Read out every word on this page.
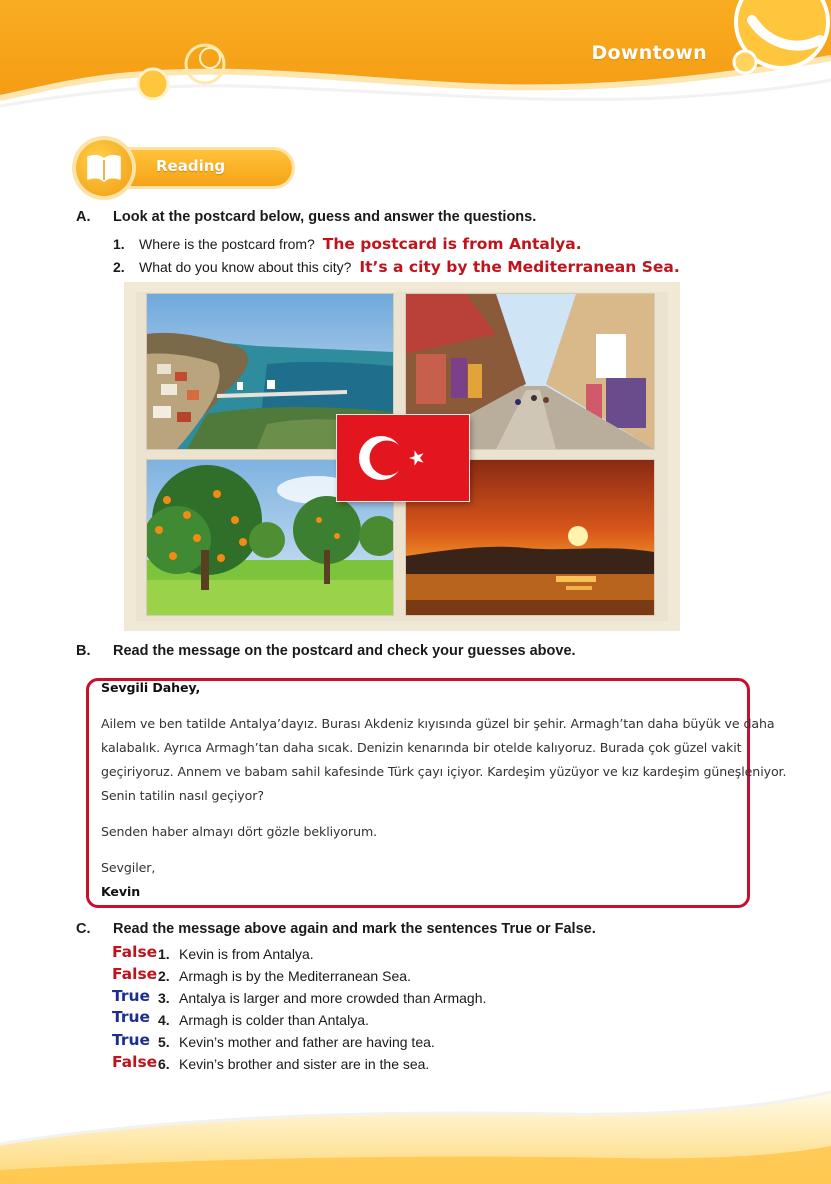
Downtown
Reading
A. Look at the postcard below, guess and answer the questions.
1. Where is the postcard from? The postcard is from Antalya.
2. What do you know about this city? It’s a city by the Mediterranean Sea.
B. Read the message on the postcard and check your guesses above.
Sevgili Dahey,
Ailem ve ben tatilde Antalya’dayız. Burası Akdeniz kıyısında güzel bir şehir. Armagh’tan daha büyük ve daha
kalabalık. Ayrıca Armagh’tan daha sıcak. Denizin kenarında bir otelde kalıyoruz. Burada çok güzel vakit
geçiriyoruz. Annem ve babam sahil kafesinde Türk çayı içiyor. Kardeşim yüzüyor ve kız kardeşim güneşleniyor.
Senin tatilin nasıl geçiyor?
Senden haber almayı dört gözle bekliyorum.
Sevgiler,
Kevin
C. Read the message above again and mark the sentences True or False.
False 1. Kevin is from Antalya.
False 2. Armagh is by the Mediterranean Sea.
True 3. Antalya is larger and more crowded than Armagh.
True 4. Armagh is colder than Antalya.
True 5. Kevin’s mother and father are having tea.
False 6. Kevin’s brother and sister are in the sea.
